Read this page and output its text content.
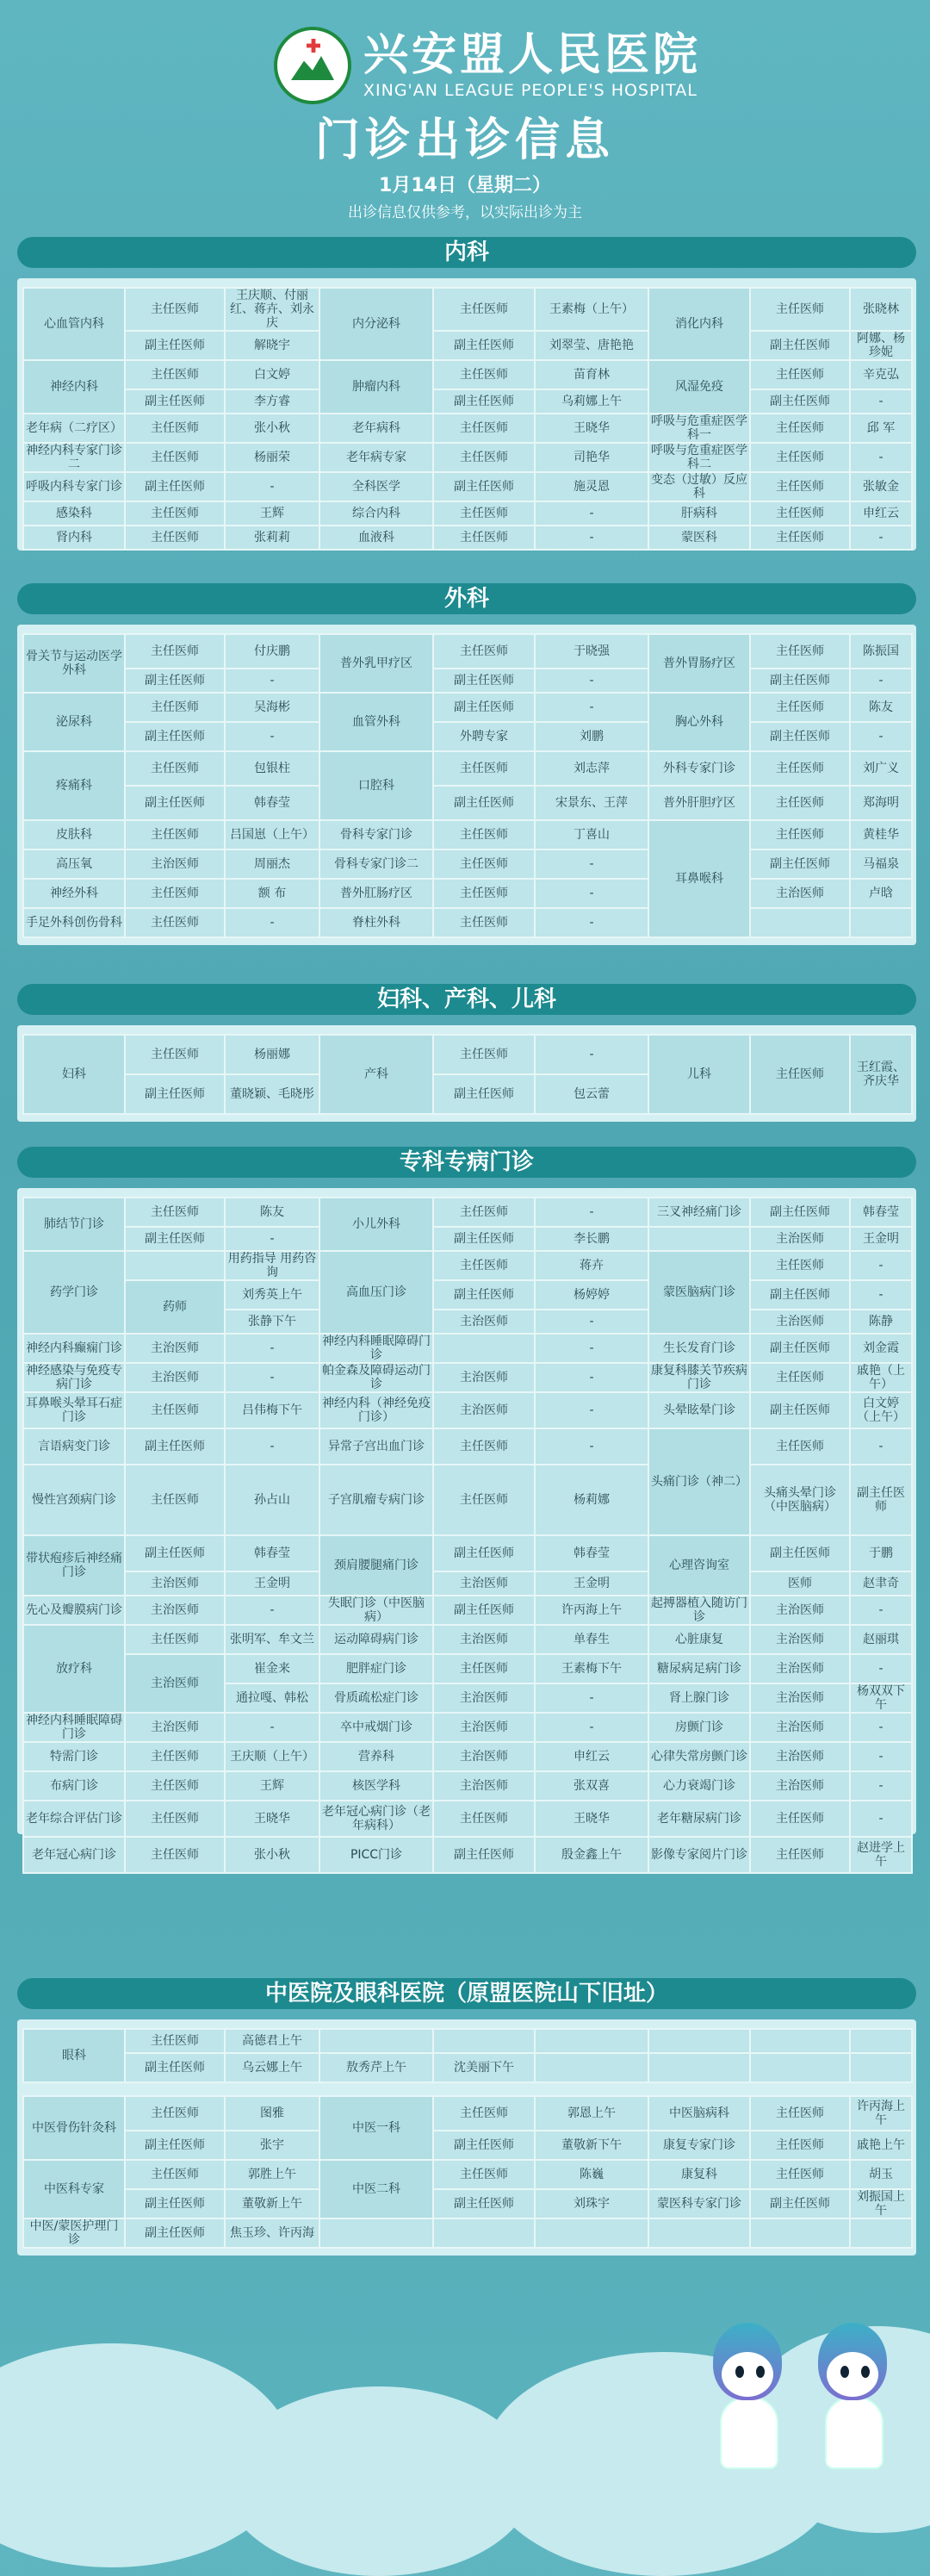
兴安盟人民医院
XING'AN LEAGUE PEOPLE'S HOSPITAL
门诊出诊信息
1月14日（星期二）
出诊信息仅供参考，以实际出诊为主
内科
心血管内科	主任医师	王庆顺、付丽红、蒋卉、刘永庆	内分泌科	主任医师	王素梅（上午）	消化内科	主任医师	张晓林
	副主任医师	解晓宇		副主任医师	刘翠莹、唐艳艳		副主任医师	阿娜、杨珍妮
神经内科	主任医师	白文婷	肿瘤内科	主任医师	苗育林	风湿免疫	主任医师	辛克弘
	副主任医师	李方睿		副主任医师	乌莉娜上午		副主任医师	-
老年病（二疗区）	主任医师	张小秋	老年病科	主任医师	王晓华	呼吸与危重症医学科一	主任医师	邱 军
神经内科专家门诊二	主任医师	杨丽荣	老年病专家	主任医师	司艳华	呼吸与危重症医学科二	主任医师	-
呼吸内科专家门诊	副主任医师	-	全科医学	副主任医师	施灵恩	变态（过敏）反应科	主任医师	张敏金
感染科	主任医师	王辉	综合内科	主任医师	-	肝病科	主任医师	申红云
肾内科	主任医师	张莉莉	血液科	主任医师	-	蒙医科	主任医师	-
外科
骨关节与运动医学外科	主任医师	付庆鹏	普外乳甲疗区	主任医师	于晓强	普外胃肠疗区	主任医师	陈振国
	副主任医师	-		副主任医师	-		副主任医师	-
泌尿科	主任医师	吴海彬	血管外科	副主任医师	-	胸心外科	主任医师	陈友
	副主任医师	-		外聘专家	刘鹏		副主任医师	-
疼痛科	主任医师	包银柱	口腔科	主任医师	刘志萍	外科专家门诊	主任医师	刘广义
	副主任医师	韩春莹		副主任医师	宋景东、王萍	普外肝胆疗区	主任医师	郑海明
皮肤科	主任医师	吕国崽（上午）	骨科专家门诊	主任医师	丁喜山	耳鼻喉科	主任医师	黄桂华
高压氧	主治医师	周丽杰	骨科专家门诊二	主任医师	-		副主任医师	马福泉
神经外科	主任医师	额 布	普外肛肠疗区	主任医师	-		主治医师	卢晗
手足外科创伤骨科	主任医师	-	脊柱外科	主任医师	-			
妇科、产科、儿科
妇科	主任医师	杨丽娜	产科	主任医师	-	儿科	主任医师	王红霞、齐庆华
	副主任医师	董晓颖、毛晓彤		副主任医师	包云蕾			
专科专病门诊
肺结节门诊	主任医师	陈友	小儿外科	主任医师	-	三叉神经痛门诊	副主任医师	韩春莹	
	副主任医师	-		副主任医师	李长鹏		主治医师	王金明	
药学门诊		用药指导 用药咨询	高血压门诊	主任医师	蒋卉	蒙医脑病门诊	主任医师	-	
	药师	刘秀英上午		副主任医师	杨婷婷		副主任医师	-	
		张静下午		主治医师	-		主治医师	陈静	
神经内科癫痫门诊	主治医师	-	神经内科睡眠障碍门诊		-	生长发育门诊	副主任医师	刘金霞	
神经感染与免疫专病门诊	主治医师	-	帕金森及障碍运动门诊	主治医师	-	康复科膝关节疾病门诊	主任医师	戚艳（上午）	
耳鼻喉头晕耳石症门诊	主任医师	吕伟梅下午	神经内科（神经免疫门诊）	主治医师	-	头晕眩晕门诊	副主任医师	白文婷（上午）	
言语病变门诊	副主任医师	-	异常子宫出血门诊	主任医师	-	头痛门诊（神二）	主任医师	-	
慢性宫颈病门诊	主任医师	孙占山	子宫肌瘤专病门诊	主任医师	杨莉娜		头痛头晕门诊（中医脑病）	副主任医师	
带状疱疹后神经痛门诊	副主任医师	韩春莹	颈肩腰腿痛门诊	副主任医师	韩春莹	心理咨询室	副主任医师	于鹏	
	主治医师	王金明		主治医师	王金明		医师	赵聿奇	
先心及瓣膜病门诊	主治医师	-	失眠门诊（中医脑病）	副主任医师	许丙海上午	起搏器植入随访门诊	主治医师	-	
放疗科	主任医师	张明军、牟文兰	运动障碍病门诊	主治医师	单春生	心脏康复	主治医师	赵丽琪	
	主治医师	崔金来	肥胖症门诊	主任医师	王素梅下午	糖尿病足病门诊	主治医师	-	
		通拉嘎、韩松	骨质疏松症门诊	主治医师	-	肾上腺门诊	主治医师	杨双双下午	
神经内科睡眠障碍门诊	主治医师	-	卒中戒烟门诊	主治医师	-	房颤门诊	主治医师	-	
特需门诊	主任医师	王庆顺（上午）	营养科	主治医师	申红云	心律失常房颤门诊	主治医师	-	
布病门诊	主任医师	王辉	核医学科	主治医师	张双喜	心力衰竭门诊	主治医师	-	
老年综合评估门诊	主任医师	王晓华	老年冠心病门诊（老年病科）	主任医师	王晓华	老年糖尿病门诊	主任医师	-	
老年冠心病门诊	主任医师	张小秋	PICC门诊	副主任医师	殷金鑫上午	影像专家阅片门诊	主任医师	赵进学上午	
中医院及眼科医院（原盟医院山下旧址）
眼科	主任医师	高德君上午							
	副主任医师	乌云娜上午	敖秀芹上午	沈美丽下午					

中医骨伤针灸科	主任医师	图雅	中医一科	主任医师	郭恩上午	中医脑病科	主任医师	许丙海上午	
	副主任医师	张宇		副主任医师	董敬新下午	康复专家门诊	主任医师	戚艳上午	
中医科专家	主任医师	郭胜上午	中医二科	主任医师	陈巍	康复科	主任医师	胡玉	
	副主任医师	董敬新上午		副主任医师	刘珠宇	蒙医科专家门诊	副主任医师	刘振国上午	
中医/蒙医护理门诊	副主任医师	焦玉珍、许丙海							
